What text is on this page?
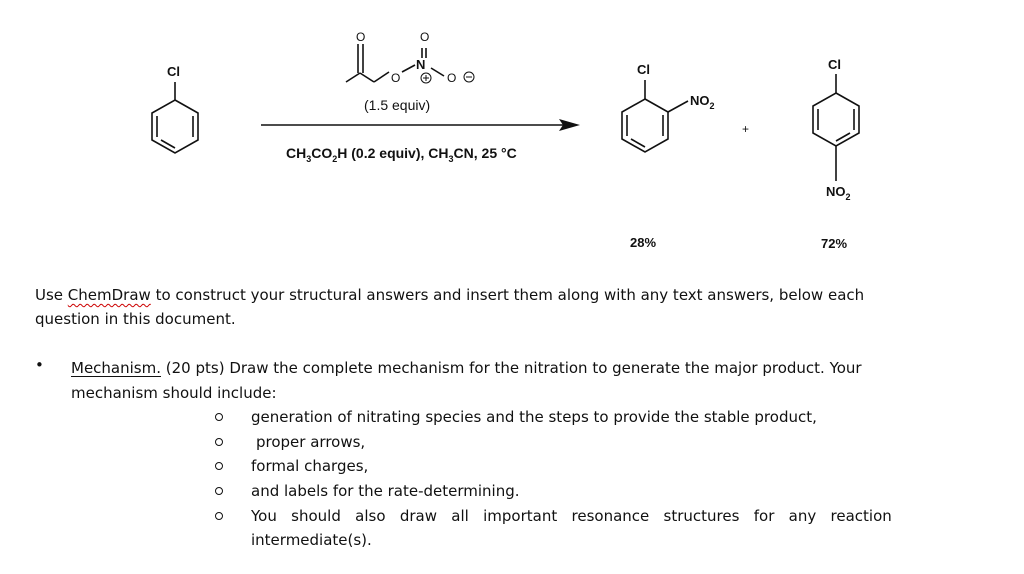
Cl
O
O
N
O
O
(1.5 equiv)
$CH_3CO_2H$ (0.2 equiv), $CH_3CN$, 25 °C
Cl
$NO_2$
+
Cl
$NO_2$
28%	72%
Use ChemDraw to construct your structural answers and insert them along with any text answers, below each
question in this document.
• Mechanism. (20 pts) Draw the complete mechanism for the nitration to generate the major product. Your
mechanism should include:
generation of nitrating species and the steps to provide the stable product,
proper arrows,
formal charges,
and labels for the rate-determining.
You   should   also   draw   all   important   resonance   structures   for   any   reaction
intermediate(s).
